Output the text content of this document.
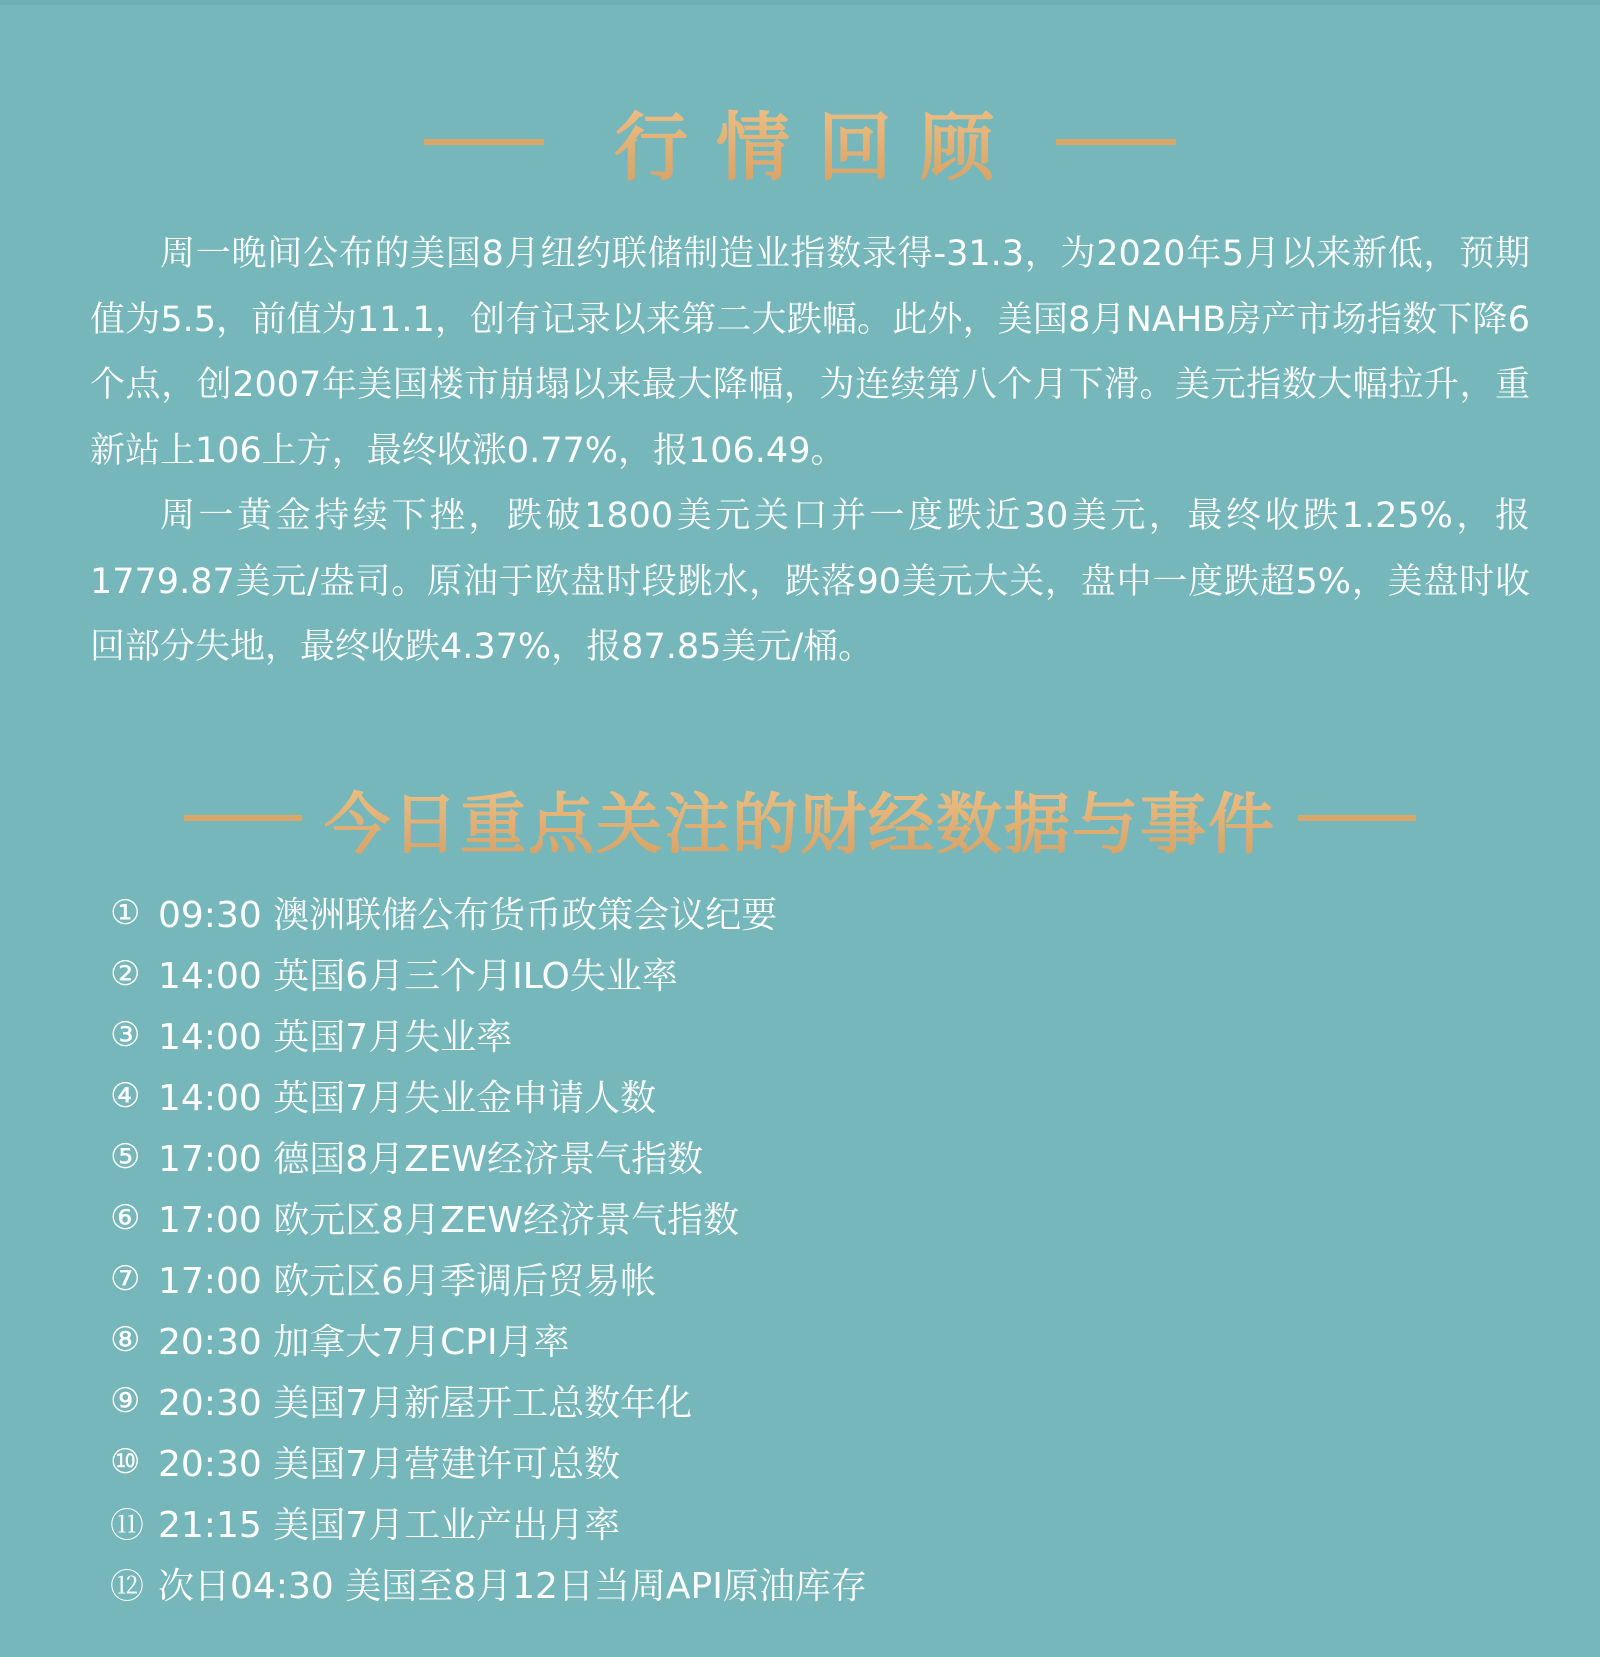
行情回顾

周一晚间公布的美国8月纽约联储制造业指数录得-31.3，为2020年5月以来新低，预期值为5.5，前值为11.1，创有记录以来第二大跌幅。此外，美国8月NAHB房产市场指数下降6个点，创2007年美国楼市崩塌以来最大降幅，为连续第八个月下滑。美元指数大幅拉升，重新站上106上方，最终收涨0.77%，报106.49。

周一黄金持续下挫，跌破1800美元关口并一度跌近30美元，最终收跌1.25%，报1779.87美元/盎司。原油于欧盘时段跳水，跌落90美元大关，盘中一度跌超5%，美盘时收回部分失地，最终收跌4.37%，报87.85美元/桶。

今日重点关注的财经数据与事件
① 09:30 澳洲联储公布货币政策会议纪要
② 14:00 英国6月三个月ILO失业率
③ 14:00 英国7月失业率
④ 14:00 英国7月失业金申请人数
⑤ 17:00 德国8月ZEW经济景气指数
⑥ 17:00 欧元区8月ZEW经济景气指数
⑦ 17:00 欧元区6月季调后贸易帐
⑧ 20:30 加拿大7月CPI月率
⑨ 20:30 美国7月新屋开工总数年化
⑩ 20:30 美国7月营建许可总数
⑪ 21:15 美国7月工业产出月率
⑫ 次日04:30 美国至8月12日当周API原油库存
